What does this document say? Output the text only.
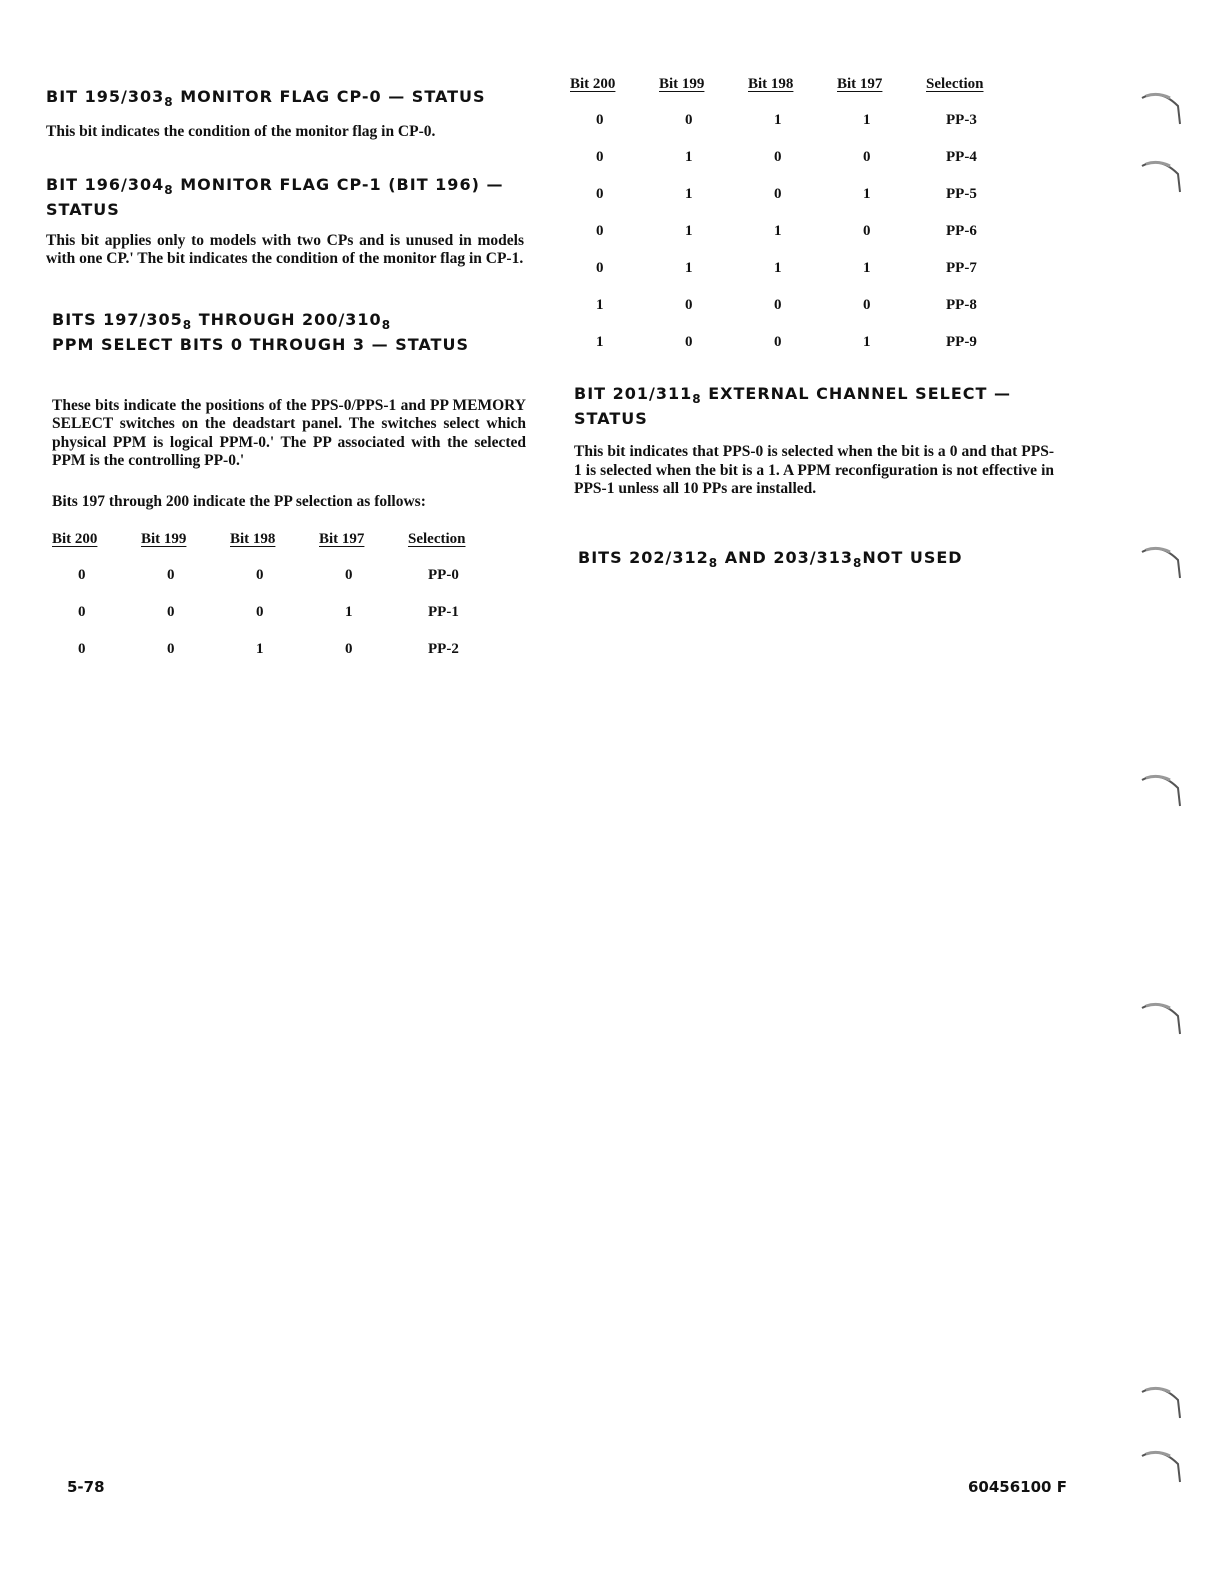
BIT $195/303_8$ MONITOR FLAG CP-0 — STATUS

This bit indicates the condition of the monitor flag in CP-0.

BIT $196/304_8$ MONITOR FLAG CP-1 (BIT 196) — STATUS

This bit applies only to models with two CPs and is unused in models with one CP.' The bit indicates the condition of the monitor flag in CP-1.

BITS $197/305_8$ THROUGH $200/310_8$
PPM SELECT BITS 0 THROUGH 3 — STATUS

These bits indicate the positions of the PPS-0/PPS-1 and PP MEMORY SELECT switches on the deadstart panel. The switches select which physical PPM is logical PPM-0.' The PP associated with the selected PPM is the controlling PP-0.'

Bits 197 through 200 indicate the PP selection as follows:

Bit 200	Bit 199	Bit 198	Bit 197	Selection
0	0	0	0	PP-0
0	0	0	1	PP-1
0	0	1	0	PP-2
Bit 200	Bit 199	Bit 198	Bit 197	Selection
0	0	1	1	PP-3
0	1	0	0	PP-4
0	1	0	1	PP-5
0	1	1	0	PP-6
0	1	1	1	PP-7
1	0	0	0	PP-8
1	0	0	1	PP-9
BIT $201/311_8$ EXTERNAL CHANNEL SELECT — STATUS

This bit indicates that PPS-0 is selected when the bit is a 0 and that PPS-1 is selected when the bit is a 1. A PPM reconfiguration is not effective in PPS-1 unless all 10 PPs are installed.

BITS $202/312_8$ AND $203/313_8NOT$ USED
5-78	60456100 F
